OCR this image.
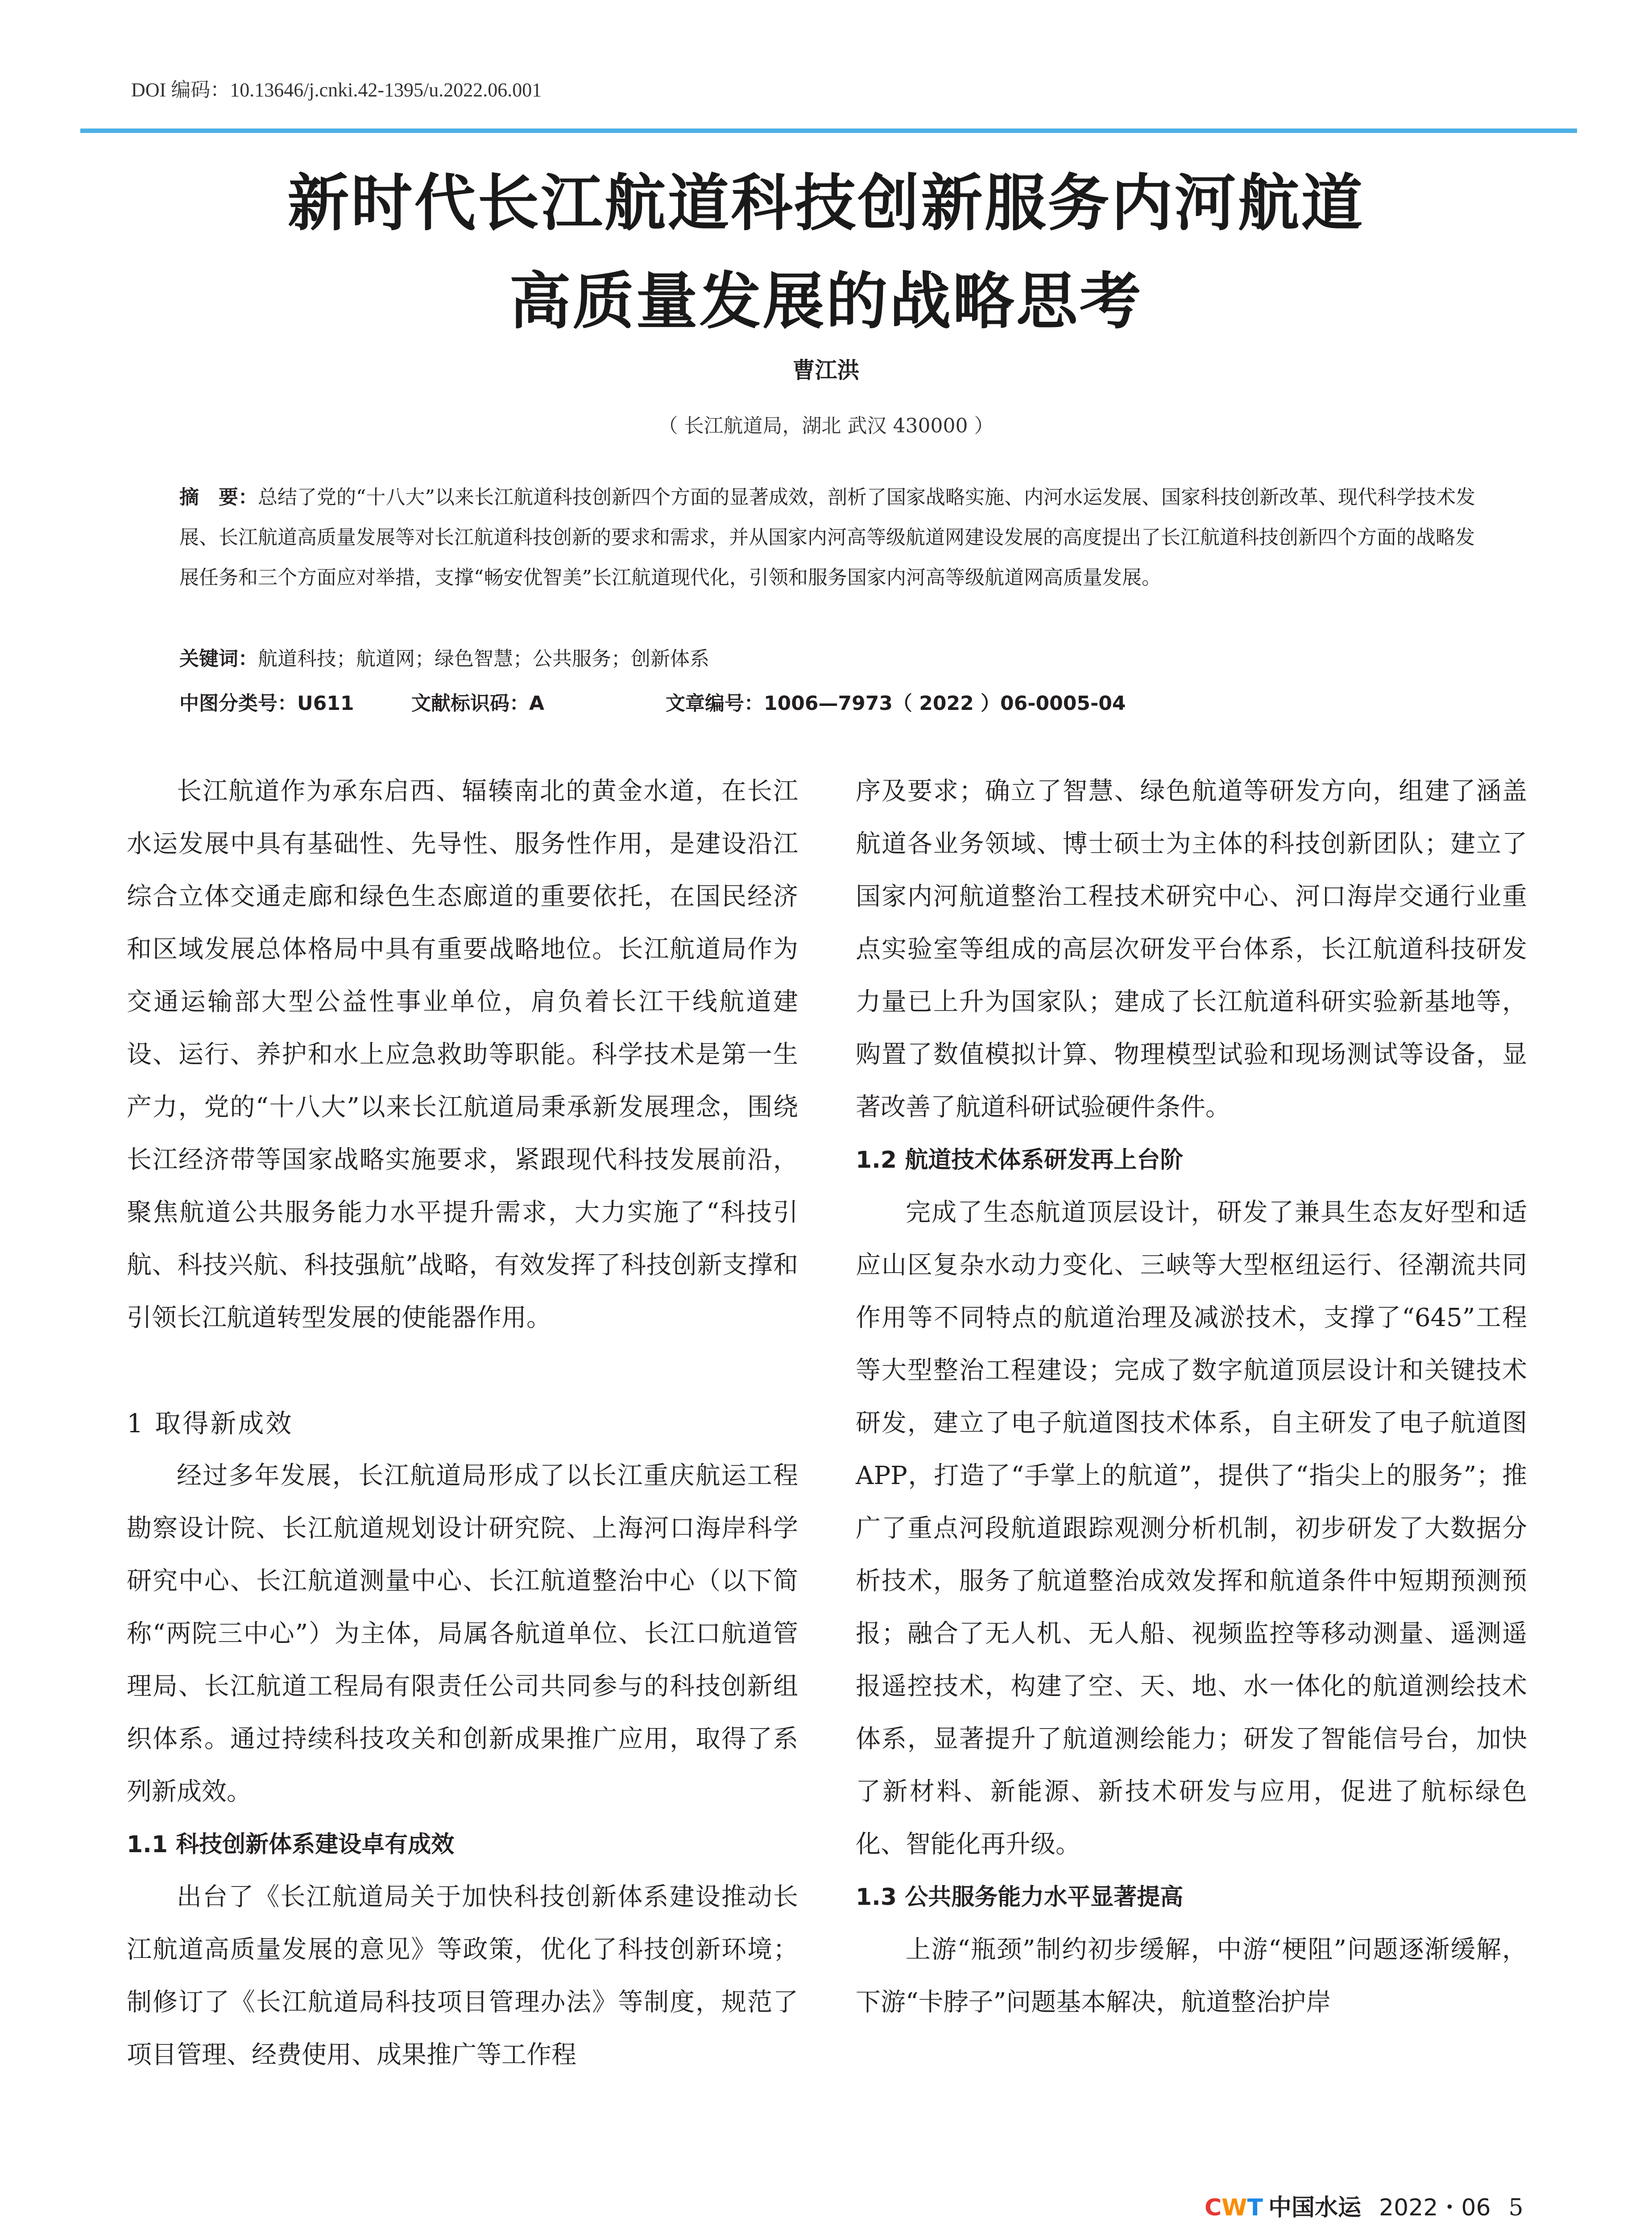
DOI 编码：10.13646/j.cnki.42-1395/u.2022.06.001
新时代长江航道科技创新服务内河航道
高质量发展的战略思考
曹江洪
（ 长江航道局，湖北 武汉 430000 ）

摘　要：总结了党的“十八大”以来长江航道科技创新四个方面的显著成效，剖析了国家战略实施、内河水运发展、国家科技创新改革、现代科学技术发展、长江航道高质量发展等对长江航道科技创新的要求和需求，并从国家内河高等级航道网建设发展的高度提出了长江航道科技创新四个方面的战略发展任务和三个方面应对举措，支撑“畅安优智美”长江航道现代化，引领和服务国家内河高等级航道网高质量发展。

关键词：航道科技；航道网；绿色智慧；公共服务；创新体系
中图分类号：U611	文献标识码：A	文章编号：1006—7973（ 2022 ）06-0005-04

长江航道作为承东启西、辐辏南北的黄金水道，在长江水运发展中具有基础性、先导性、服务性作用，是建设沿江综合立体交通走廊和绿色生态廊道的重要依托，在国民经济和区域发展总体格局中具有重要战略地位。长江航道局作为交通运输部大型公益性事业单位，肩负着长江干线航道建设、运行、养护和水上应急救助等职能。科学技术是第一生产力，党的“十八大”以来长江航道局秉承新发展理念，围绕长江经济带等国家战略实施要求，紧跟现代科技发展前沿，聚焦航道公共服务能力水平提升需求，大力实施了“科技引航、科技兴航、科技强航”战略，有效发挥了科技创新支撑和引领长江航道转型发展的使能器作用。

1 取得新成效

经过多年发展，长江航道局形成了以长江重庆航运工程勘察设计院、长江航道规划设计研究院、上海河口海岸科学研究中心、长江航道测量中心、长江航道整治中心（以下简称“两院三中心”）为主体，局属各航道单位、长江口航道管理局、长江航道工程局有限责任公司共同参与的科技创新组织体系。通过持续科技攻关和创新成果推广应用，取得了系列新成效。

1.1 科技创新体系建设卓有成效

出台了《长江航道局关于加快科技创新体系建设推动长江航道高质量发展的意见》等政策，优化了科技创新环境；制修订了《长江航道局科技项目管理办法》等制度，规范了项目管理、经费使用、成果推广等工作程

序及要求；确立了智慧、绿色航道等研发方向，组建了涵盖航道各业务领域、博士硕士为主体的科技创新团队；建立了国家内河航道整治工程技术研究中心、河口海岸交通行业重点实验室等组成的高层次研发平台体系，长江航道科技研发力量已上升为国家队；建成了长江航道科研实验新基地等，购置了数值模拟计算、物理模型试验和现场测试等设备，显著改善了航道科研试验硬件条件。

1.2 航道技术体系研发再上台阶

完成了生态航道顶层设计，研发了兼具生态友好型和适应山区复杂水动力变化、三峡等大型枢纽运行、径潮流共同作用等不同特点的航道治理及减淤技术，支撑了“645”工程等大型整治工程建设；完成了数字航道顶层设计和关键技术研发，建立了电子航道图技术体系，自主研发了电子航道图 APP，打造了“手掌上的航道”，提供了“指尖上的服务”；推广了重点河段航道跟踪观测分析机制，初步研发了大数据分析技术，服务了航道整治成效发挥和航道条件中短期预测预报；融合了无人机、无人船、视频监控等移动测量、遥测遥报遥控技术，构建了空、天、地、水一体化的航道测绘技术体系，显著提升了航道测绘能力；研发了智能信号台，加快了新材料、新能源、新技术研发与应用，促进了航标绿色化、智能化再升级。

1.3 公共服务能力水平显著提高

上游“瓶颈”制约初步缓解，中游“梗阻”问题逐渐缓解，下游“卡脖子”问题基本解决，航道整治护岸

CWT 中国水运 2022・06 5
